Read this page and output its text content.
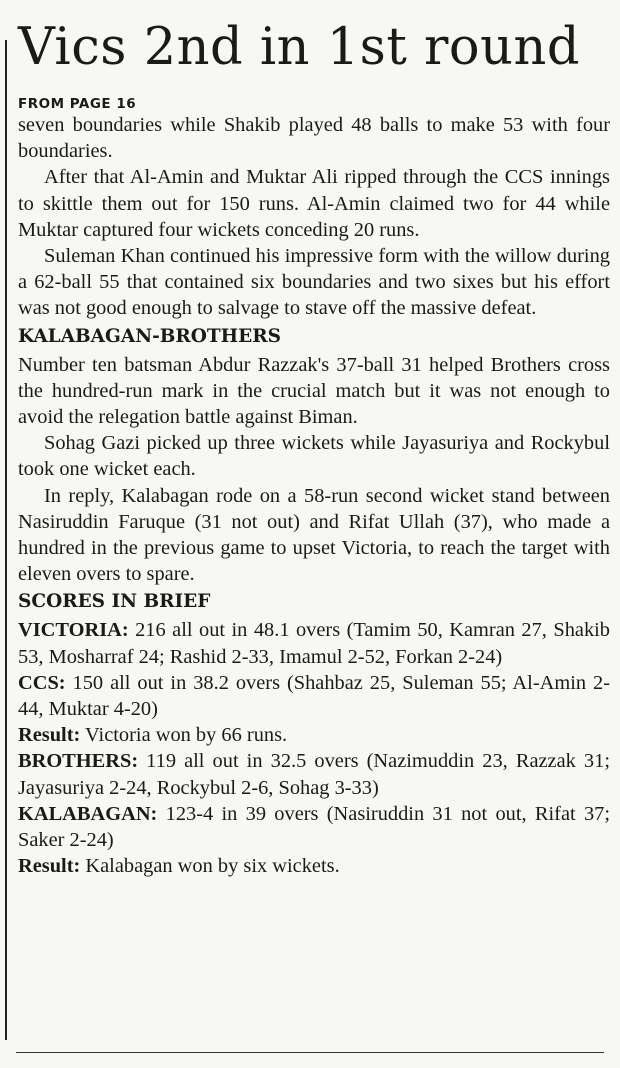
Vics 2nd in 1st round
FROM PAGE 16

seven boundaries while Shakib played 48 balls to make 53 with four boundaries.

After that Al-Amin and Muktar Ali ripped through the CCS innings to skittle them out for 150 runs. Al-Amin claimed two for 44 while Muktar captured four wickets conceding 20 runs.

Suleman Khan continued his impressive form with the willow during a 62-ball 55 that contained six boundaries and two sixes but his effort was not good enough to salvage to stave off the massive defeat.

KALABAGAN-BROTHERS

Number ten batsman Abdur Razzak's 37-ball 31 helped Brothers cross the hundred-run mark in the crucial match but it was not enough to avoid the relegation battle against Biman.

Sohag Gazi picked up three wickets while Jayasuriya and Rockybul took one wicket each.

In reply, Kalabagan rode on a 58-run second wicket stand between Nasiruddin Faruque (31 not out) and Rifat Ullah (37), who made a hundred in the previous game to upset Victoria, to reach the target with eleven overs to spare.

SCORES IN BRIEF

VICTORIA: 216 all out in 48.1 overs (Tamim 50, Kamran 27, Shakib 53, Mosharraf 24; Rashid 2-33, Imamul 2-52, Forkan 2-24)

CCS: 150 all out in 38.2 overs (Shahbaz 25, Suleman 55; Al-Amin 2-44, Muktar 4-20)

Result: Victoria won by 66 runs.

BROTHERS: 119 all out in 32.5 overs (Nazimuddin 23, Razzak 31; Jayasuriya 2-24, Rockybul 2-6, Sohag 3-33)

KALABAGAN: 123-4 in 39 overs (Nasiruddin 31 not out, Rifat 37; Saker 2-24)

Result: Kalabagan won by six wickets.
